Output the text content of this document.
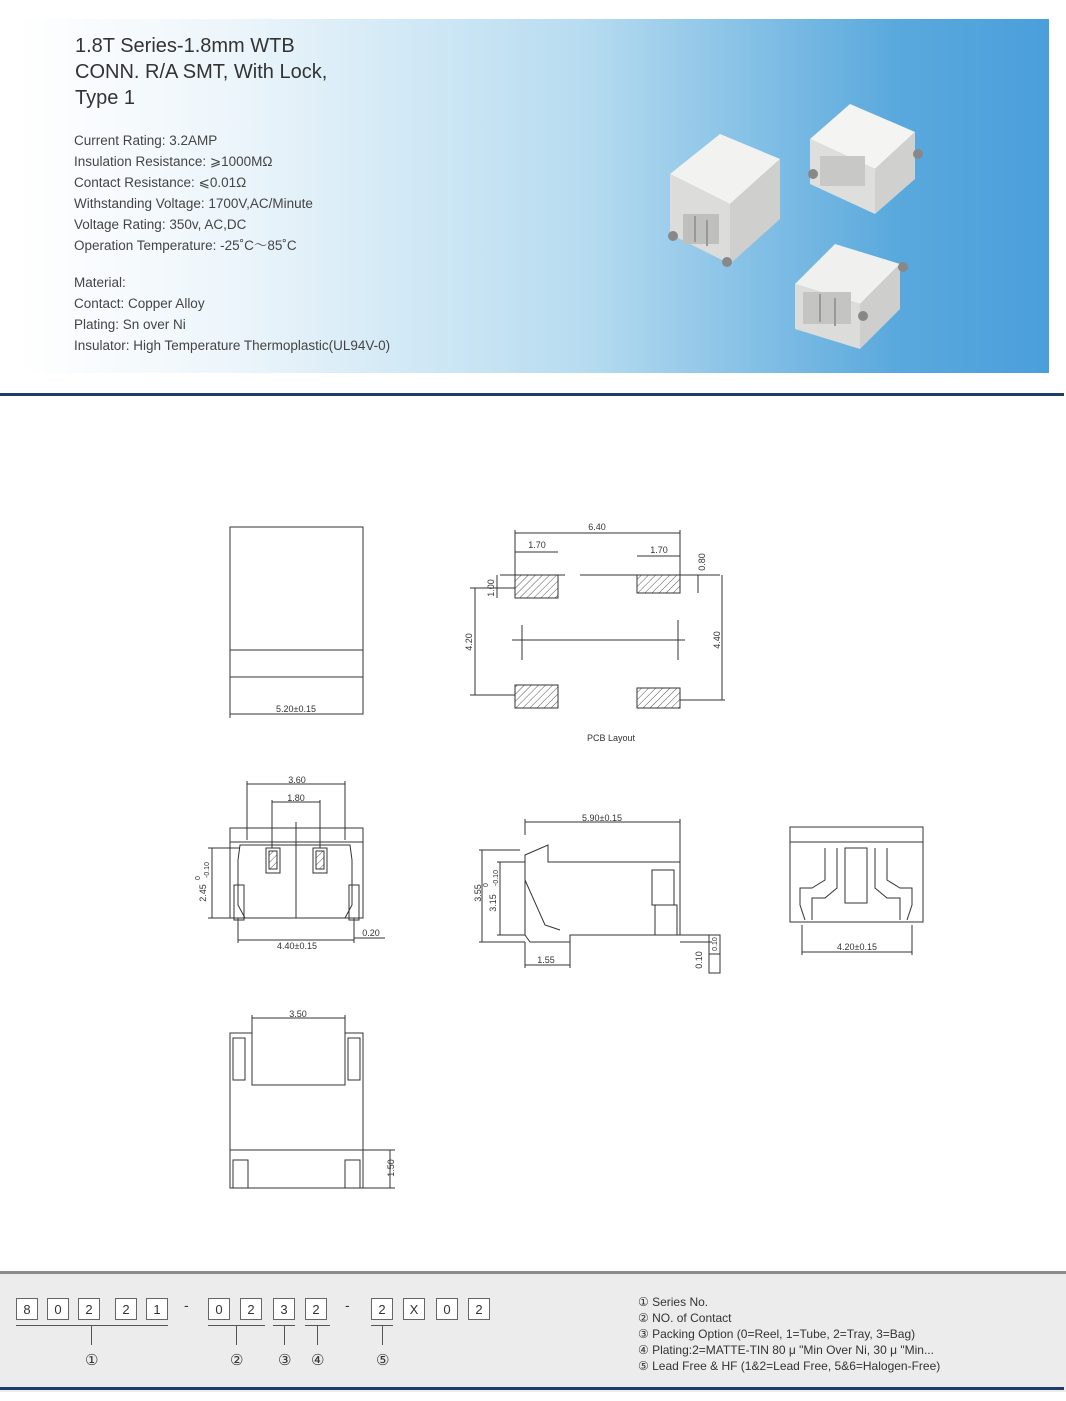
1.8T Series-1.8mm WTB
CONN. R/A SMT, With Lock,
Type 1
Current Rating: 3.2AMP
Insulation Resistance: ⩾1000MΩ
Contact Resistance: ⩽0.01Ω
Withstanding Voltage: 1700V,AC/Minute
Voltage Rating: 350v, AC,DC
Operation Temperature: -25˚C～85˚C
Material:
Contact: Copper Alloy
Plating: Sn over Ni
Insulator: High Temperature Thermoplastic(UL94V-0)
5.20±0.15
6.40
1.70	1.70
1.00
0.80
4.20	4.40
PCB Layout
3.60
1.80
2.45
0
-0.10
4.40±0.15
0.20
5.90±0.15
3.55
3.15
0 -0.10
1.55	0.10
0.10	4.20±0.15
3.50
1.50
8	0	2	2	1	-	0	2	3	2	-	2	X	0	2
①	② ③ ④	⑤
① Series No.
② NO. of Contact
③ Packing Option (0=Reel, 1=Tube, 2=Tray, 3=Bag)
④ Plating:2=MATTE-TIN 80 μ "Min Over Ni, 30 μ "Min...
⑤ Lead Free & HF (1&2=Lead Free, 5&6=Halogen-Free)
